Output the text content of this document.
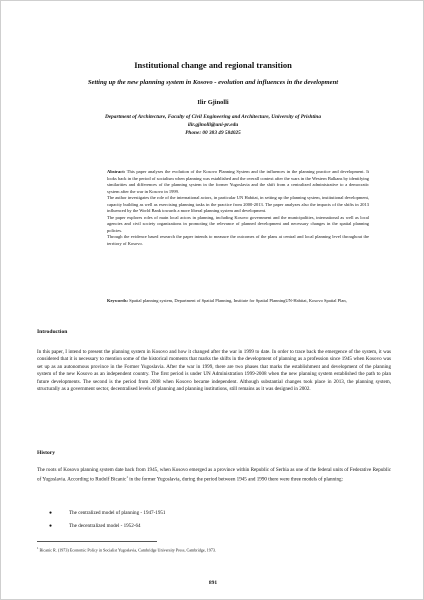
Institutional change and regional transition
Setting up the new planning system in Kosovo - evolution and influences in the development
Ilir Gjinolli
Department of Architecture, Faculty of Civil Engineering and Architecture, University of Prishtina
ilir.gjinolli@uni-pr.edu
Phone: 00 383 49 584025

Abstract: This paper analyses the evolution of the Kosovo Planning System and the influences in the planning practice and development. It looks back in the period of socialism when planning was established and the overall context after the wars in the Western Balkans by identifying similarities and differences of the planning system in the former Yugoslavia and the shift from a centralized administrative to a democratic system after the war in Kosovo in 1999.

The author investigates the role of the international actors, in particular UN Habitat, in setting up the planning system, institutional development, capacity building as well as exercising planning tasks in the practice from 2000-2013. The paper analyzes also the impacts of the shifts in 2013 influenced by the World Bank towards a more liberal planning system and development.

The paper explores roles of main local actors in planning, including Kosovo government and the municipalities, international as well as local agencies and civil society organizations in promoting the relevance of planned development and necessary changes in the spatial planning policies.

Through the evidence based research the paper intends to measure the outcomes of the plans at central and local planning level throughout the territory of Kosovo.

Keywords: Spatial planning system, Department of Spatial Planning, Institute for Spatial PlanningUN-Habitat, Kosovo Spatial Plan,
Introduction

In this paper, I intend to present the planning system in Kosovo and how it changed after the war in 1999 to date. In order to trace back the emergence of the system, it was considered that it is necessary to mention some of the historical moments that marks the shifts in the development of planning as a profession since 1945 when Kosovo was set up as an autonomous province in the Former Yugoslavia. After the war in 1999, there are two phases that marks the establishment and development of the planning system of the new Kosovo as an independent country. The first period is under UN Administration 1999-2008 when the new planning system established the path to plan future developments. The second is the period from 2008 when Kosovo became independent. Although substantial changes took place in 2013, the planning system, structurally as a government sector, decentralised levels of planning and planning institutions, still remains as it was designed in 2002.

History

The roots of Kosovo planning system date back from 1945, when Kosovo emerged as a province within Republic of Serbia as one of the federal units of Federative Republic of Yugoslavia. According to Rudolf Bicanic$^1$ in the former Yugoslavia, during the period between 1945 and 1990 there were three models of planning:

●	The centralized model of planning - 1947-1951
●	The decentralized model - 1952-64
$^1$ Bicanic R. (1973) Economic Policy in Socialist Yugoslavia, Cambridge University Press, Cambridge, 1973.
891
